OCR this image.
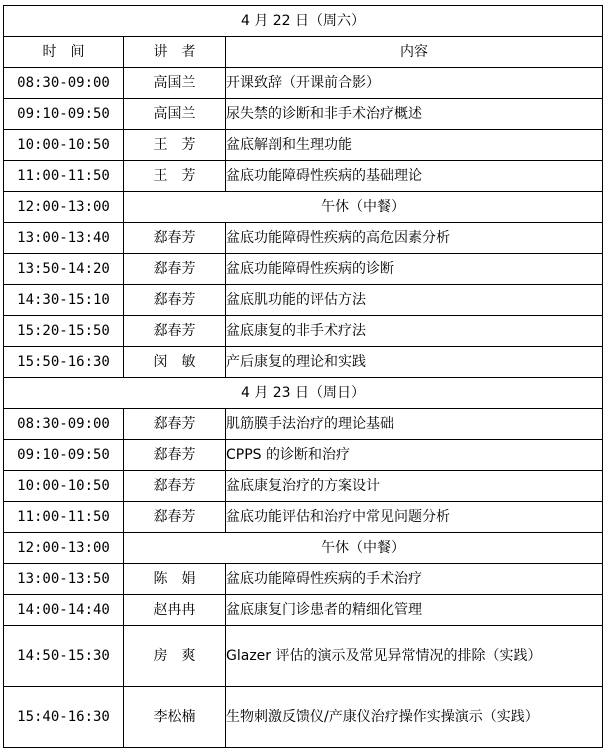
4 月 22 日（周六）		
时　间	讲　者	内容
08:30-09:00	高国兰	开课致辞（开课前合影）
09:10-09:50	高国兰	尿失禁的诊断和非手术治疗概述
10:00-10:50	王　芳	盆底解剖和生理功能
11:00-11:50	王　芳	盆底功能障碍性疾病的基础理论
12:00-13:00	午休（中餐）	
13:00-13:40	郄春芳	盆底功能障碍性疾病的高危因素分析
13:50-14:20	郄春芳	盆底功能障碍性疾病的诊断
14:30-15:10	郄春芳	盆底肌功能的评估方法
15:20-15:50	郄春芳	盆底康复的非手术疗法
15:50-16:30	闵　敏	产后康复的理论和实践
4 月 23 日（周日）		
08:30-09:00	郄春芳	肌筋膜手法治疗的理论基础
09:10-09:50	郄春芳	CPPS 的诊断和治疗
10:00-10:50	郄春芳	盆底康复治疗的方案设计
11:00-11:50	郄春芳	盆底功能评估和治疗中常见问题分析
12:00-13:00	午休（中餐）	
13:00-13:50	陈　娟	盆底功能障碍性疾病的手术治疗
14:00-14:40	赵冉冉	盆底康复门诊患者的精细化管理
14:50-15:30	房　爽	Glazer 评估的演示及常见异常情况的排除（实践）
15:40-16:30	李松楠	生物刺激反馈仪/产康仪治疗操作实操演示（实践）
